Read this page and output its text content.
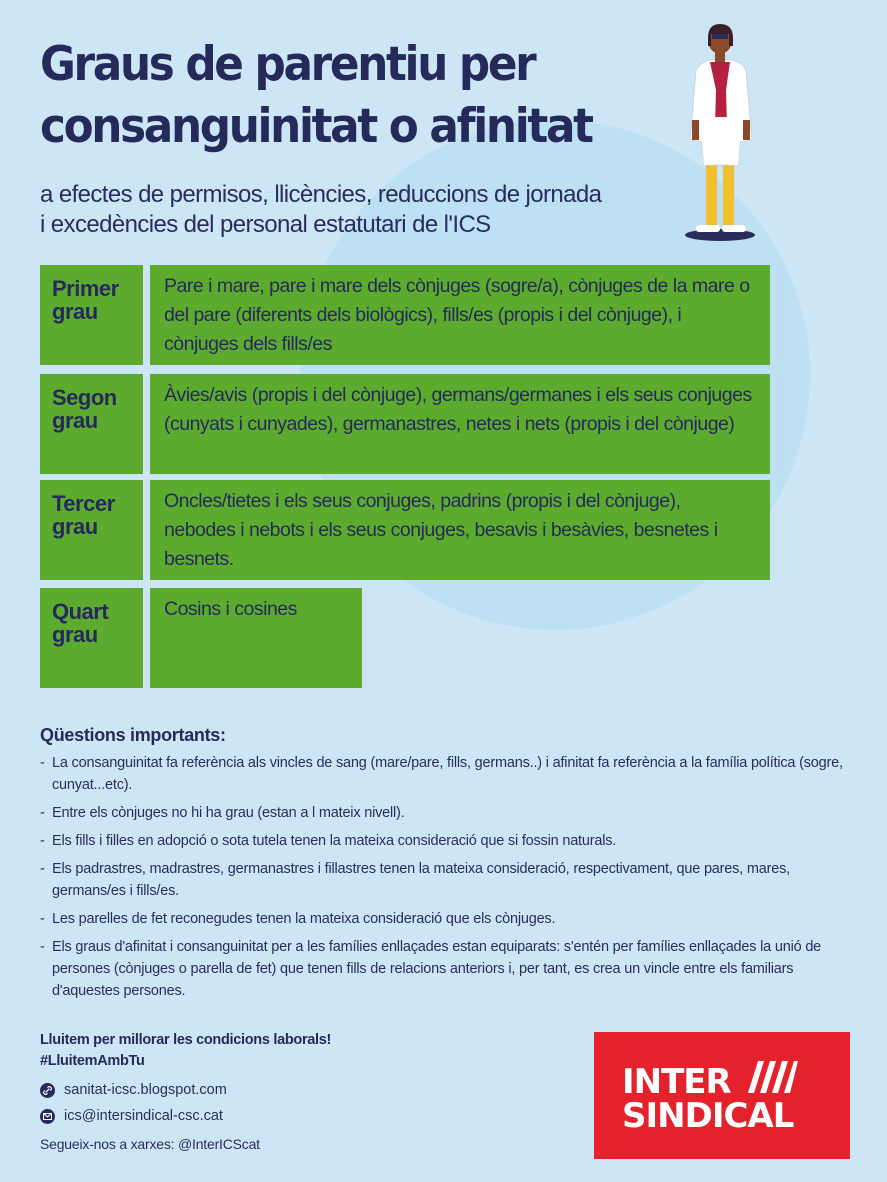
Graus de parentiu per
consanguinitat o afinitat
a efectes de permisos, llicències, reduccions de jornada
i excedències del personal estatutari de l'ICS
Primer
grau
Pare i mare, pare i mare dels cònjuges (sogre/a), cònjuges de la mare o del pare (diferents dels biològics), fills/es (propis i del cònjuge), i cònjuges dels fills/es
Segon
grau
Àvies/avis (propis i del cònjuge), germans/germanes i els seus conjuges (cunyats i cunyades), germanastres, netes i nets (propis i del cònjuge)
Tercer
grau
Oncles/tietes i els seus conjuges, padrins (propis i del cònjuge), nebodes i nebots i els seus conjuges, besavis i besàvies, besnetes i besnets.
Quart
grau
Cosins i cosines
Qüestions importants:
- La consanguinitat fa referència als vincles de sang (mare/pare, fills, germans..) i afinitat fa referència a la família política (sogre, cunyat...etc).
- Entre els cònjuges no hi ha grau (estan a l mateix nivell).
- Els fills i filles en adopció o sota tutela tenen la mateixa consideració que si fossin naturals.
- Els padrastres, madrastres, germanastres i fillastres tenen la mateixa consideració, respectivament, que pares, mares, germans/es i fills/es.
- Les parelles de fet reconegudes tenen la mateixa consideració que els cònjuges.
- Els graus d'afinitat i consanguinitat per a les famílies enllaçades estan equiparats: s'entén per famílies enllaçades la unió de persones (cònjuges o parella de fet) que tenen fills de relacions anteriors i, per tant, es crea un vincle entre els familiars d'aquestes persones.
Lluitem per millorar les condicions laborals!
#LluitemAmbTu
sanitat-icsc.blogspot.com
ics@intersindical-csc.cat
Segueix-nos a xarxes: @InterICScat
INTER
SINDICAL
